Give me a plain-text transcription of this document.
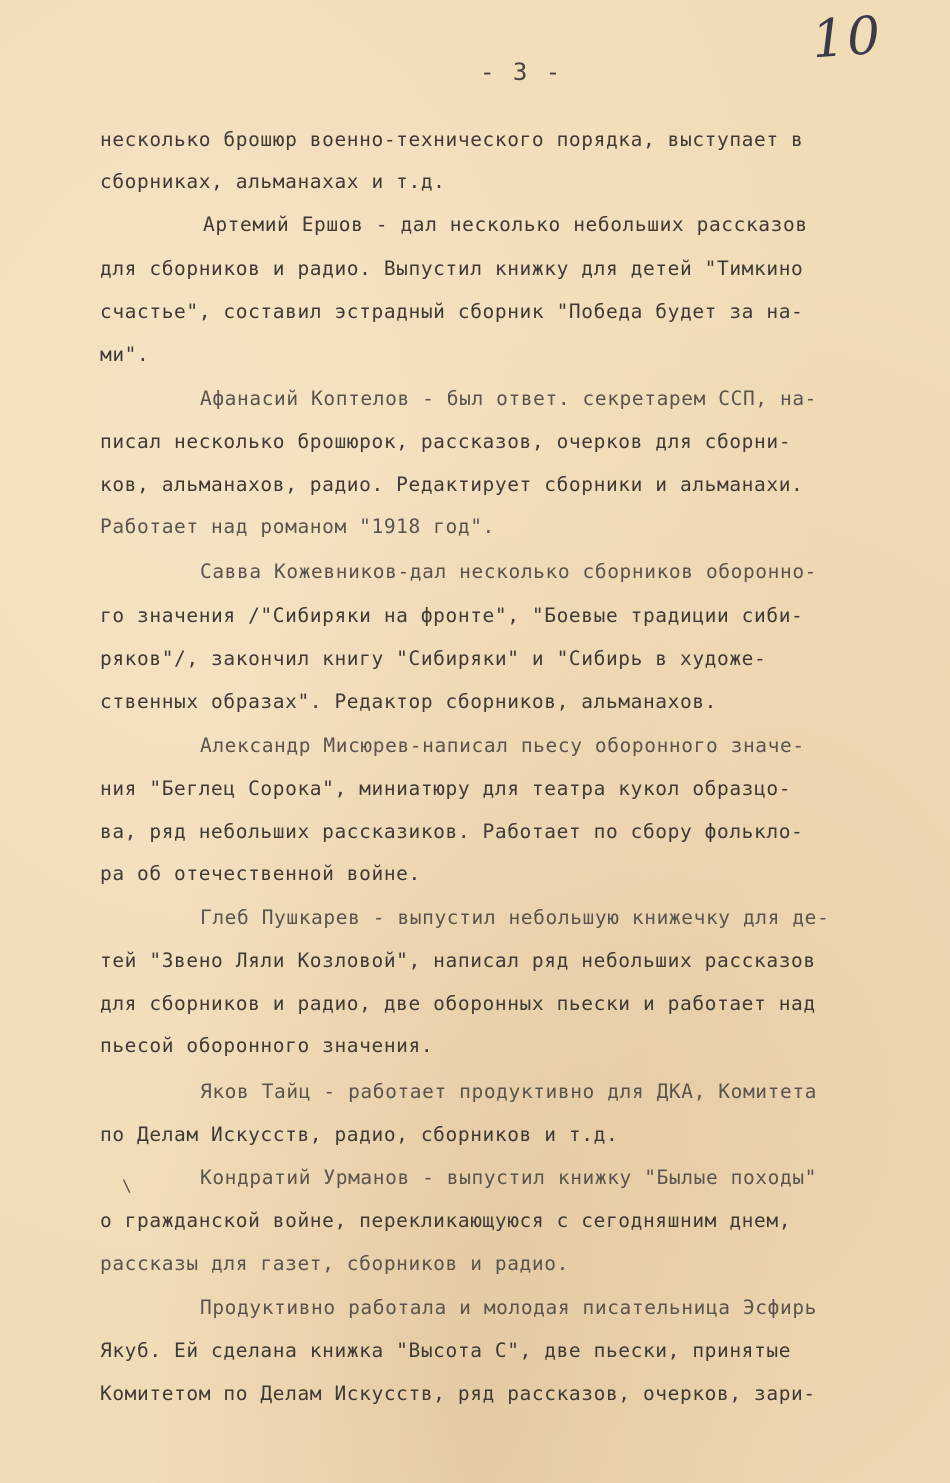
10
- 3 -
\
несколько брошюр военно-технического порядка, выступает в
сборниках, альманахах и т.д.
Артемий Ершов - дал несколько небольших рассказов
для сборников и радио. Выпустил книжку для детей "Тимкино
счастье", составил эстрадный сборник "Победа будет за на-
ми".
Афанасий Коптелов - был ответ. секретарем ССП, на-
писал несколько брошюрок, рассказов, очерков для сборни-
ков, альманахов, радио. Редактирует сборники и альманахи.
Работает над романом "1918 год".
Савва Кожевников-дал несколько сборников оборонно-
го значения /"Сибиряки на фронте", "Боевые традиции сиби-
ряков"/, закончил книгу "Сибиряки" и "Сибирь в художе-
ственных образах". Редактор сборников, альманахов.
Александр Мисюрев-написал пьесу оборонного значе-
ния "Беглец Сорока", миниатюру для театра кукол образцо-
ва, ряд небольших рассказиков. Работает по сбору фолькло-
ра об отечественной войне.
Глеб Пушкарев - выпустил небольшую книжечку для де-
тей "Звено Ляли Козловой", написал ряд небольших рассказов
для сборников и радио, две оборонных пьески и работает над
пьесой оборонного значения.
Яков Тайц - работает продуктивно для ДКА, Комитета
по Делам Искусств, радио, сборников и т.д.
Кондратий Урманов - выпустил книжку "Былые походы"
о гражданской войне, перекликающуюся с сегодняшним днем,
рассказы для газет, сборников и радио.
Продуктивно работала и молодая писательница Эсфирь
Якуб. Ей сделана книжка "Высота С", две пьески, принятые
Комитетом по Делам Искусств, ряд рассказов, очерков, зари-
